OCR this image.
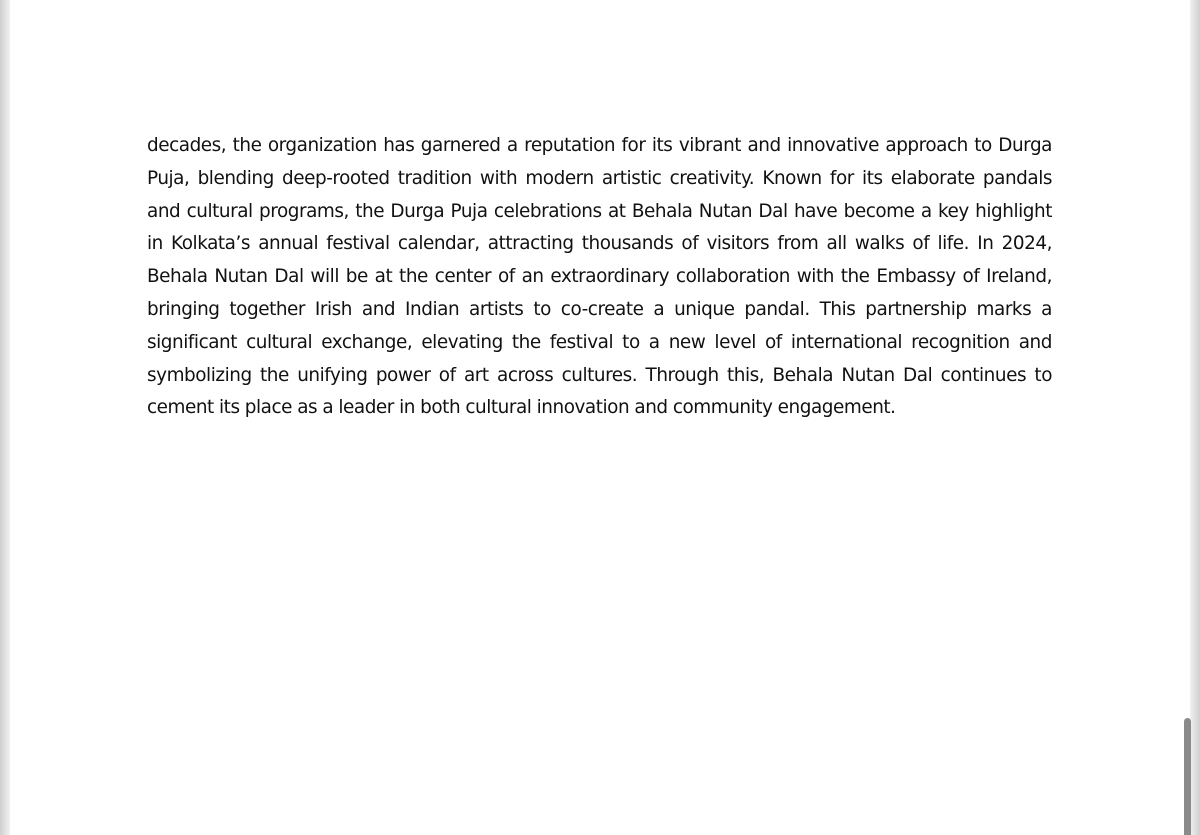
decades, the organization has garnered a reputation for its vibrant and innovative approach to Durga Puja, blending deep-rooted tradition with modern artistic creativity. Known for its elaborate pandals and cultural programs, the Durga Puja celebrations at Behala Nutan Dal have become a key highlight in Kolkata’s annual festival calendar, attracting thousands of visitors from all walks of life. In 2024, Behala Nutan Dal will be at the center of an extraordinary collaboration with the Embassy of Ireland, bringing together Irish and Indian artists to co-create a unique pandal. This partnership marks a significant cultural exchange, elevating the festival to a new level of international recognition and symbolizing the unifying power of art across cultures. Through this, Behala Nutan Dal continues to cement its place as a leader in both cultural innovation and community engagement.
